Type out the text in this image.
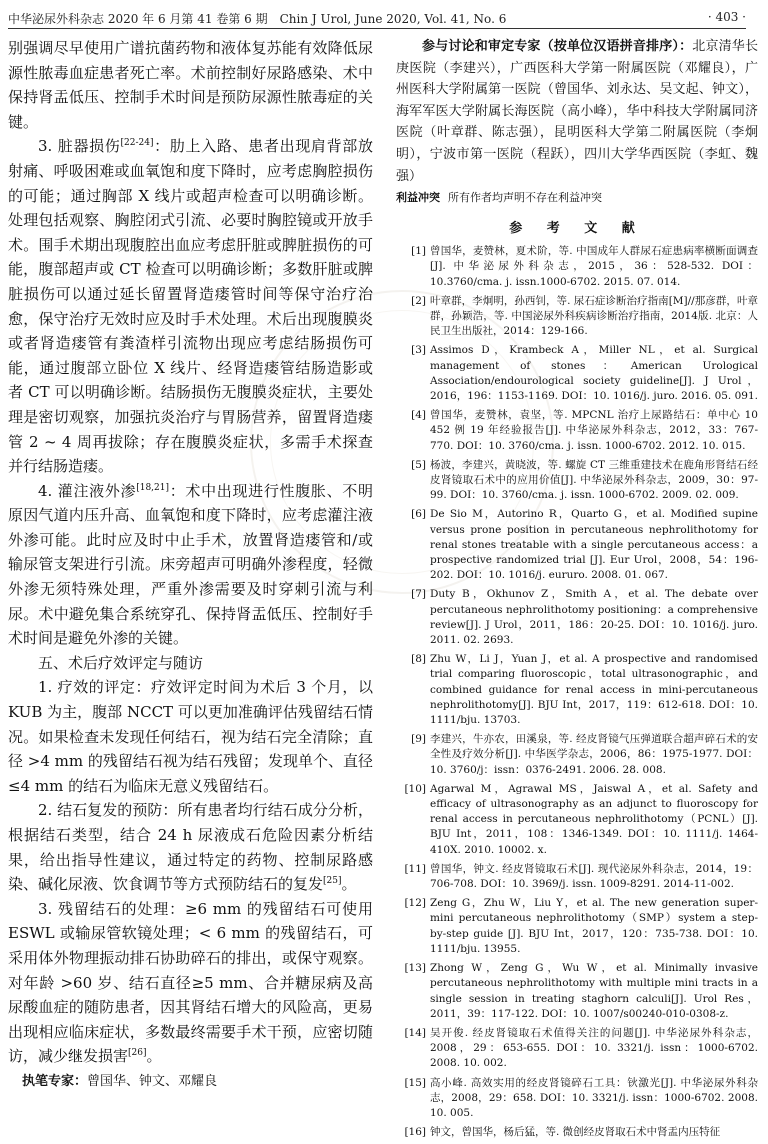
中华泌尿外科杂志 2020 年 6 月第 41 卷第 6 期　Chin J Urol, June 2020, Vol. 41, No. 6	· 403 ·

别强调尽早使用广谱抗菌药物和液体复苏能有效降低尿源性脓毒血症患者死亡率。术前控制好尿路感染、术中保持肾盂低压、控制手术时间是预防尿源性脓毒症的关键。

3. 脏器损伤[22-24]：肋上入路、患者出现肩背部放射痛、呼吸困难或血氧饱和度下降时，应考虑胸腔损伤的可能；通过胸部 X 线片或超声检查可以明确诊断。处理包括观察、胸腔闭式引流、必要时胸腔镜或开放手术。围手术期出现腹腔出血应考虑肝脏或脾脏损伤的可能，腹部超声或 CT 检查可以明确诊断；多数肝脏或脾脏损伤可以通过延长留置肾造瘘管时间等保守治疗治愈，保守治疗无效时应及时手术处理。术后出现腹膜炎或者肾造瘘管有粪渣样引流物出现应考虑结肠损伤可能，通过腹部立卧位 X 线片、经肾造瘘管结肠造影或者 CT 可以明确诊断。结肠损伤无腹膜炎症状，主要处理是密切观察，加强抗炎治疗与胃肠营养，留置肾造瘘管 2 ~ 4 周再拔除；存在腹膜炎症状，多需手术探查并行结肠造瘘。

4. 灌注液外渗[18,21]：术中出现进行性腹胀、不明原因气道内压升高、血氧饱和度下降时，应考虑灌注液外渗可能。此时应及时中止手术，放置肾造瘘管和/或输尿管支架进行引流。床旁超声可明确外渗程度，轻微外渗无须特殊处理，严重外渗需要及时穿刺引流与利尿。术中避免集合系统穿孔、保持肾盂低压、控制好手术时间是避免外渗的关键。

五、术后疗效评定与随访

1. 疗效的评定：疗效评定时间为术后 3 个月，以 KUB 为主，腹部 NCCT 可以更加准确评估残留结石情况。如果检查未发现任何结石，视为结石完全清除；直径 >4 mm 的残留结石视为结石残留；发现单个、直径≤4 mm 的结石为临床无意义残留结石。

2. 结石复发的预防：所有患者均行结石成分分析，根据结石类型，结合 24 h 尿液成石危险因素分析结果，给出指导性建议，通过特定的药物、控制尿路感染、碱化尿液、饮食调节等方式预防结石的复发[25]。

3. 残留结石的处理：≥6 mm 的残留结石可使用 ESWL 或输尿管软镜处理；< 6 mm 的残留结石，可采用体外物理振动排石协助碎石的排出，或保守观察。对年龄 >60 岁、结石直径≥5 mm、合并糖尿病及高尿酸血症的随防患者，因其肾结石增大的风险高，更易出现相应临床症状，多数最终需要手术干预，应密切随访，减少继发损害[26]。

执笔专家：曾国华、钟文、邓耀良

参与讨论和审定专家（按单位汉语拼音排序）：北京清华长庚医院（李建兴），广西医科大学第一附属医院（邓耀良），广州医科大学附属第一医院（曾国华、刘永达、吴文起、钟文），海军军医大学附属长海医院（高小峰），华中科技大学附属同济医院（叶章群、陈志强），昆明医科大学第二附属医院（李炯明），宁波市第一医院（程跃），四川大学华西医院（李虹、魏强）

利益冲突 所有作者均声明不存在利益冲突

参 考 文 献
[1] 曾国华，麦赞林，夏术阶，等. 中国成年人群尿石症患病率横断面调查[J]. 中华泌尿外科杂志，2015，36：528-532. DOI：10.3760/cma. j. issn.1000-6702. 2015. 07. 014.
[2] 叶章群，李炯明，孙西钊，等. 尿石症诊断治疗指南[M]//那彦群，叶章群，孙颖浩，等. 中国泌尿外科疾病诊断治疗指南，2014版. 北京：人民卫生出版社，2014：129-166.
[3] Assimos D，Krambeck A，Miller NL，et al. Surgical management of stones：American Urological Association/endourological society guideline[J]. J Urol，2016，196：1153-1169. DOI：10. 1016/j. juro. 2016. 05. 091.
[4] 曾国华，麦赞林，袁坚，等. MPCNL 治疗上尿路结石：单中心 10 452 例 19 年经验报告[J]. 中华泌尿外科杂志，2012，33：767-770. DOI：10. 3760/cma. j. issn. 1000-6702. 2012. 10. 015.
[5] 杨波，李建兴，黄晓波，等. 螺旋 CT 三维重建技术在鹿角形肾结石经皮肾镜取石术中的应用价值[J]. 中华泌尿外科杂志，2009，30：97-99. DOI：10. 3760/cma. j. issn. 1000-6702. 2009. 02. 009.
[6] De Sio M，Autorino R，Quarto G，et al. Modified supine versus prone position in percutaneous nephrolithotomy for renal stones treatable with a single percutaneous access：a prospective randomized trial [J]. Eur Urol，2008，54：196-202. DOI：10. 1016/j. eururo. 2008. 01. 067.
[7] Duty B，Okhunov Z，Smith A，et al. The debate over percutaneous nephrolithotomy positioning：a comprehensive review[J]. J Urol，2011，186：20-25. DOI：10. 1016/j. juro. 2011. 02. 2693.
[8] Zhu W，Li J，Yuan J，et al. A prospective and randomised trial comparing fluoroscopic，total ultrasonographic，and combined guidance for renal access in mini-percutaneous nephrolithotomy[J]. BJU Int，2017，119：612-618. DOI：10. 1111/bju. 13703.
[9] 李建兴，牛亦农，田溪泉，等. 经皮肾镜气压弹道联合超声碎石术的安全性及疗效分析[J]. 中华医学杂志，2006，86：1975-1977. DOI：10. 3760/j：issn：0376-2491. 2006. 28. 008.
[10] Agarwal M，Agrawal MS，Jaiswal A，et al. Safety and efficacy of ultrasonography as an adjunct to fluoroscopy for renal access in percutaneous nephrolithotomy（PCNL）[J]. BJU Int，2011，108：1346-1349. DOI：10. 1111/j. 1464-410X. 2010. 10002. x.
[11] 曾国华，钟文. 经皮肾镜取石术[J]. 现代泌尿外科杂志，2014，19：706-708. DOI：10. 3969/j. issn. 1009-8291. 2014-11-002.
[12] Zeng G，Zhu W，Liu Y，et al. The new generation super-mini percutaneous nephrolithotomy（SMP）system a step-by-step guide [J]. BJU Int，2017，120：735-738. DOI：10. 1111/bju. 13955.
[13] Zhong W，Zeng G，Wu W，et al. Minimally invasive percutaneous nephrolithotomy with multiple mini tracts in a single session in treating staghorn calculi[J]. Urol Res，2011，39：117-122. DOI：10. 1007/s00240-010-0308-z.
[14] 吴开俊. 经皮肾镜取石术值得关注的问题[J]. 中华泌尿外科杂志，2008，29：653-655. DOI：10. 3321/j. issn：1000-6702. 2008. 10. 002.
[15] 高小峰. 高效实用的经皮肾镜碎石工具：钬激光[J]. 中华泌尿外科杂志，2008，29：658. DOI：10. 3321/j. issn：1000-6702. 2008. 10. 005.
[16] 钟文，曾国华，杨后猛，等. 微创经皮肾取石术中肾盂内压特征
